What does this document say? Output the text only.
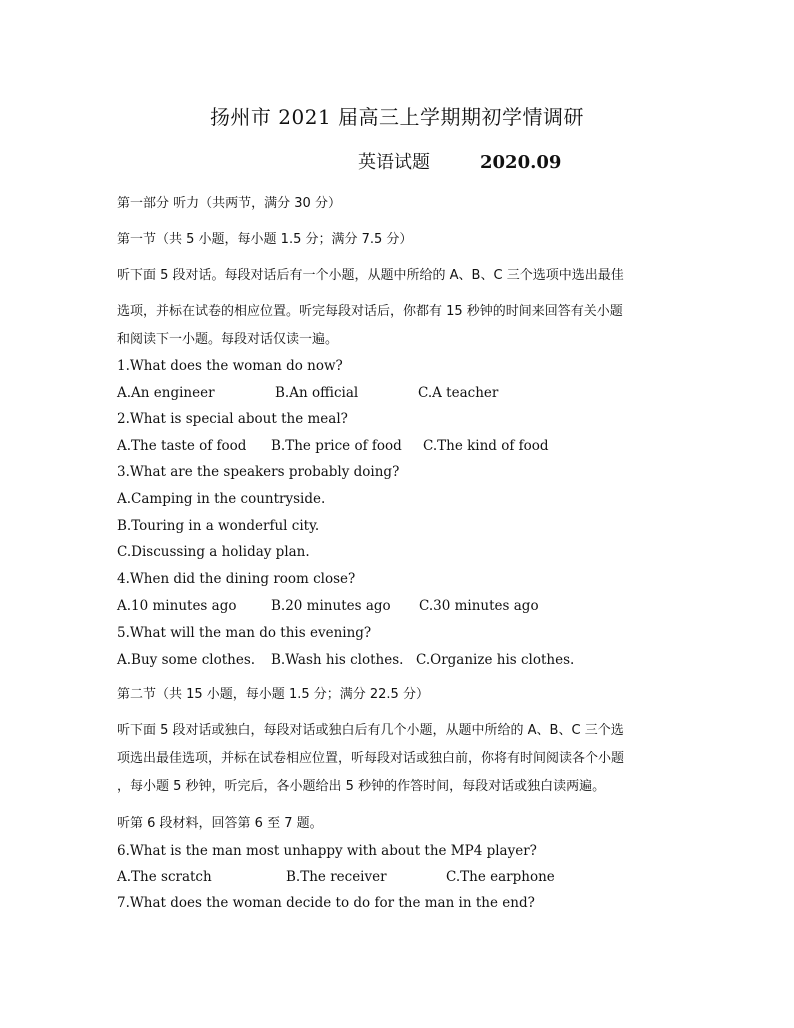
扬州市 2021 届高三上学期期初学情调研
英语试题	2020.09
第一部分 听力（共两节，满分 30 分）
第一节（共 5 小题，每小题 1.5 分；满分 7.5 分）
听下面 5 段对话。每段对话后有一个小题，从题中所给的 A、B、C 三个选项中选出最佳
选项，并标在试卷的相应位置。听完每段对话后，你都有 15 秒钟的时间来回答有关小题
和阅读下一小题。每段对话仅读一遍。
1.What does the woman do now?
A.An engineer	B.An official	C.A teacher
2.What is special about the meal?
A.The taste of food B.The price of food C.The kind of food
3.What are the speakers probably doing?
A.Camping in the countryside.
B.Touring in a wonderful city.
C.Discussing a holiday plan.
4.When did the dining room close?
A.10 minutes ago	B.20 minutes ago C.30 minutes ago
5.What will the man do this evening?
A.Buy some clothes. B.Wash his clothes. C.Organize his clothes.
第二节（共 15 小题，每小题 1.5 分；满分 22.5 分）
听下面 5 段对话或独白，每段对话或独白后有几个小题，从题中所给的 A、B、C 三个选
项选出最佳选项，并标在试卷相应位置，听每段对话或独白前，你将有时间阅读各个小题
，每小题 5 秒钟，听完后，各小题给出 5 秒钟的作答时间，每段对话或独白读两遍。
听第 6 段材料，回答第 6 至 7 题。
6.What is the man most unhappy with about the MP4 player?
A.The scratch	B.The receiver	C.The earphone
7.What does the woman decide to do for the man in the end?
